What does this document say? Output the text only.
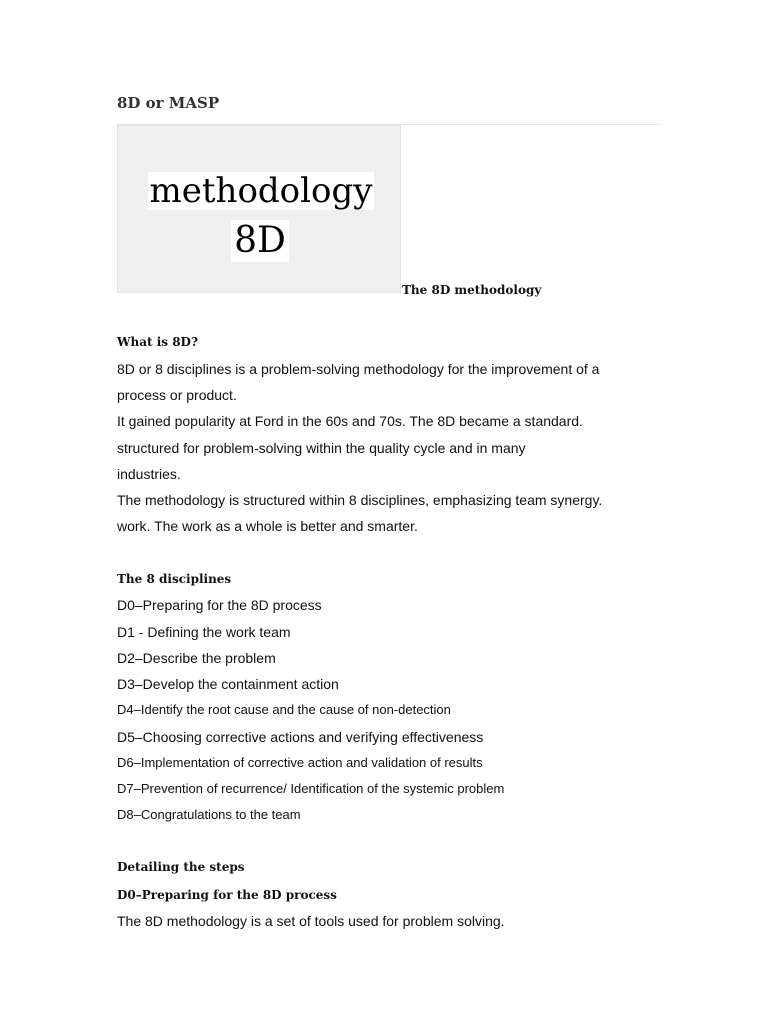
8D or MASP
methodology
8D
The 8D methodology
What is 8D?
8D or 8 disciplines is a problem-solving methodology for the improvement of a
process or product.
It gained popularity at Ford in the 60s and 70s. The 8D became a standard.
structured for problem-solving within the quality cycle and in many
industries.
The methodology is structured within 8 disciplines, emphasizing team synergy.
work. The work as a whole is better and smarter.
The 8 disciplines
D0–Preparing for the 8D process
D1 - Defining the work team
D2–Describe the problem
D3–Develop the containment action
D4–Identify the root cause and the cause of non-detection
D5–Choosing corrective actions and verifying effectiveness
D6–Implementation of corrective action and validation of results
D7–Prevention of recurrence/ Identification of the systemic problem
D8–Congratulations to the team
Detailing the steps
D0–Preparing for the 8D process
The 8D methodology is a set of tools used for problem solving.
